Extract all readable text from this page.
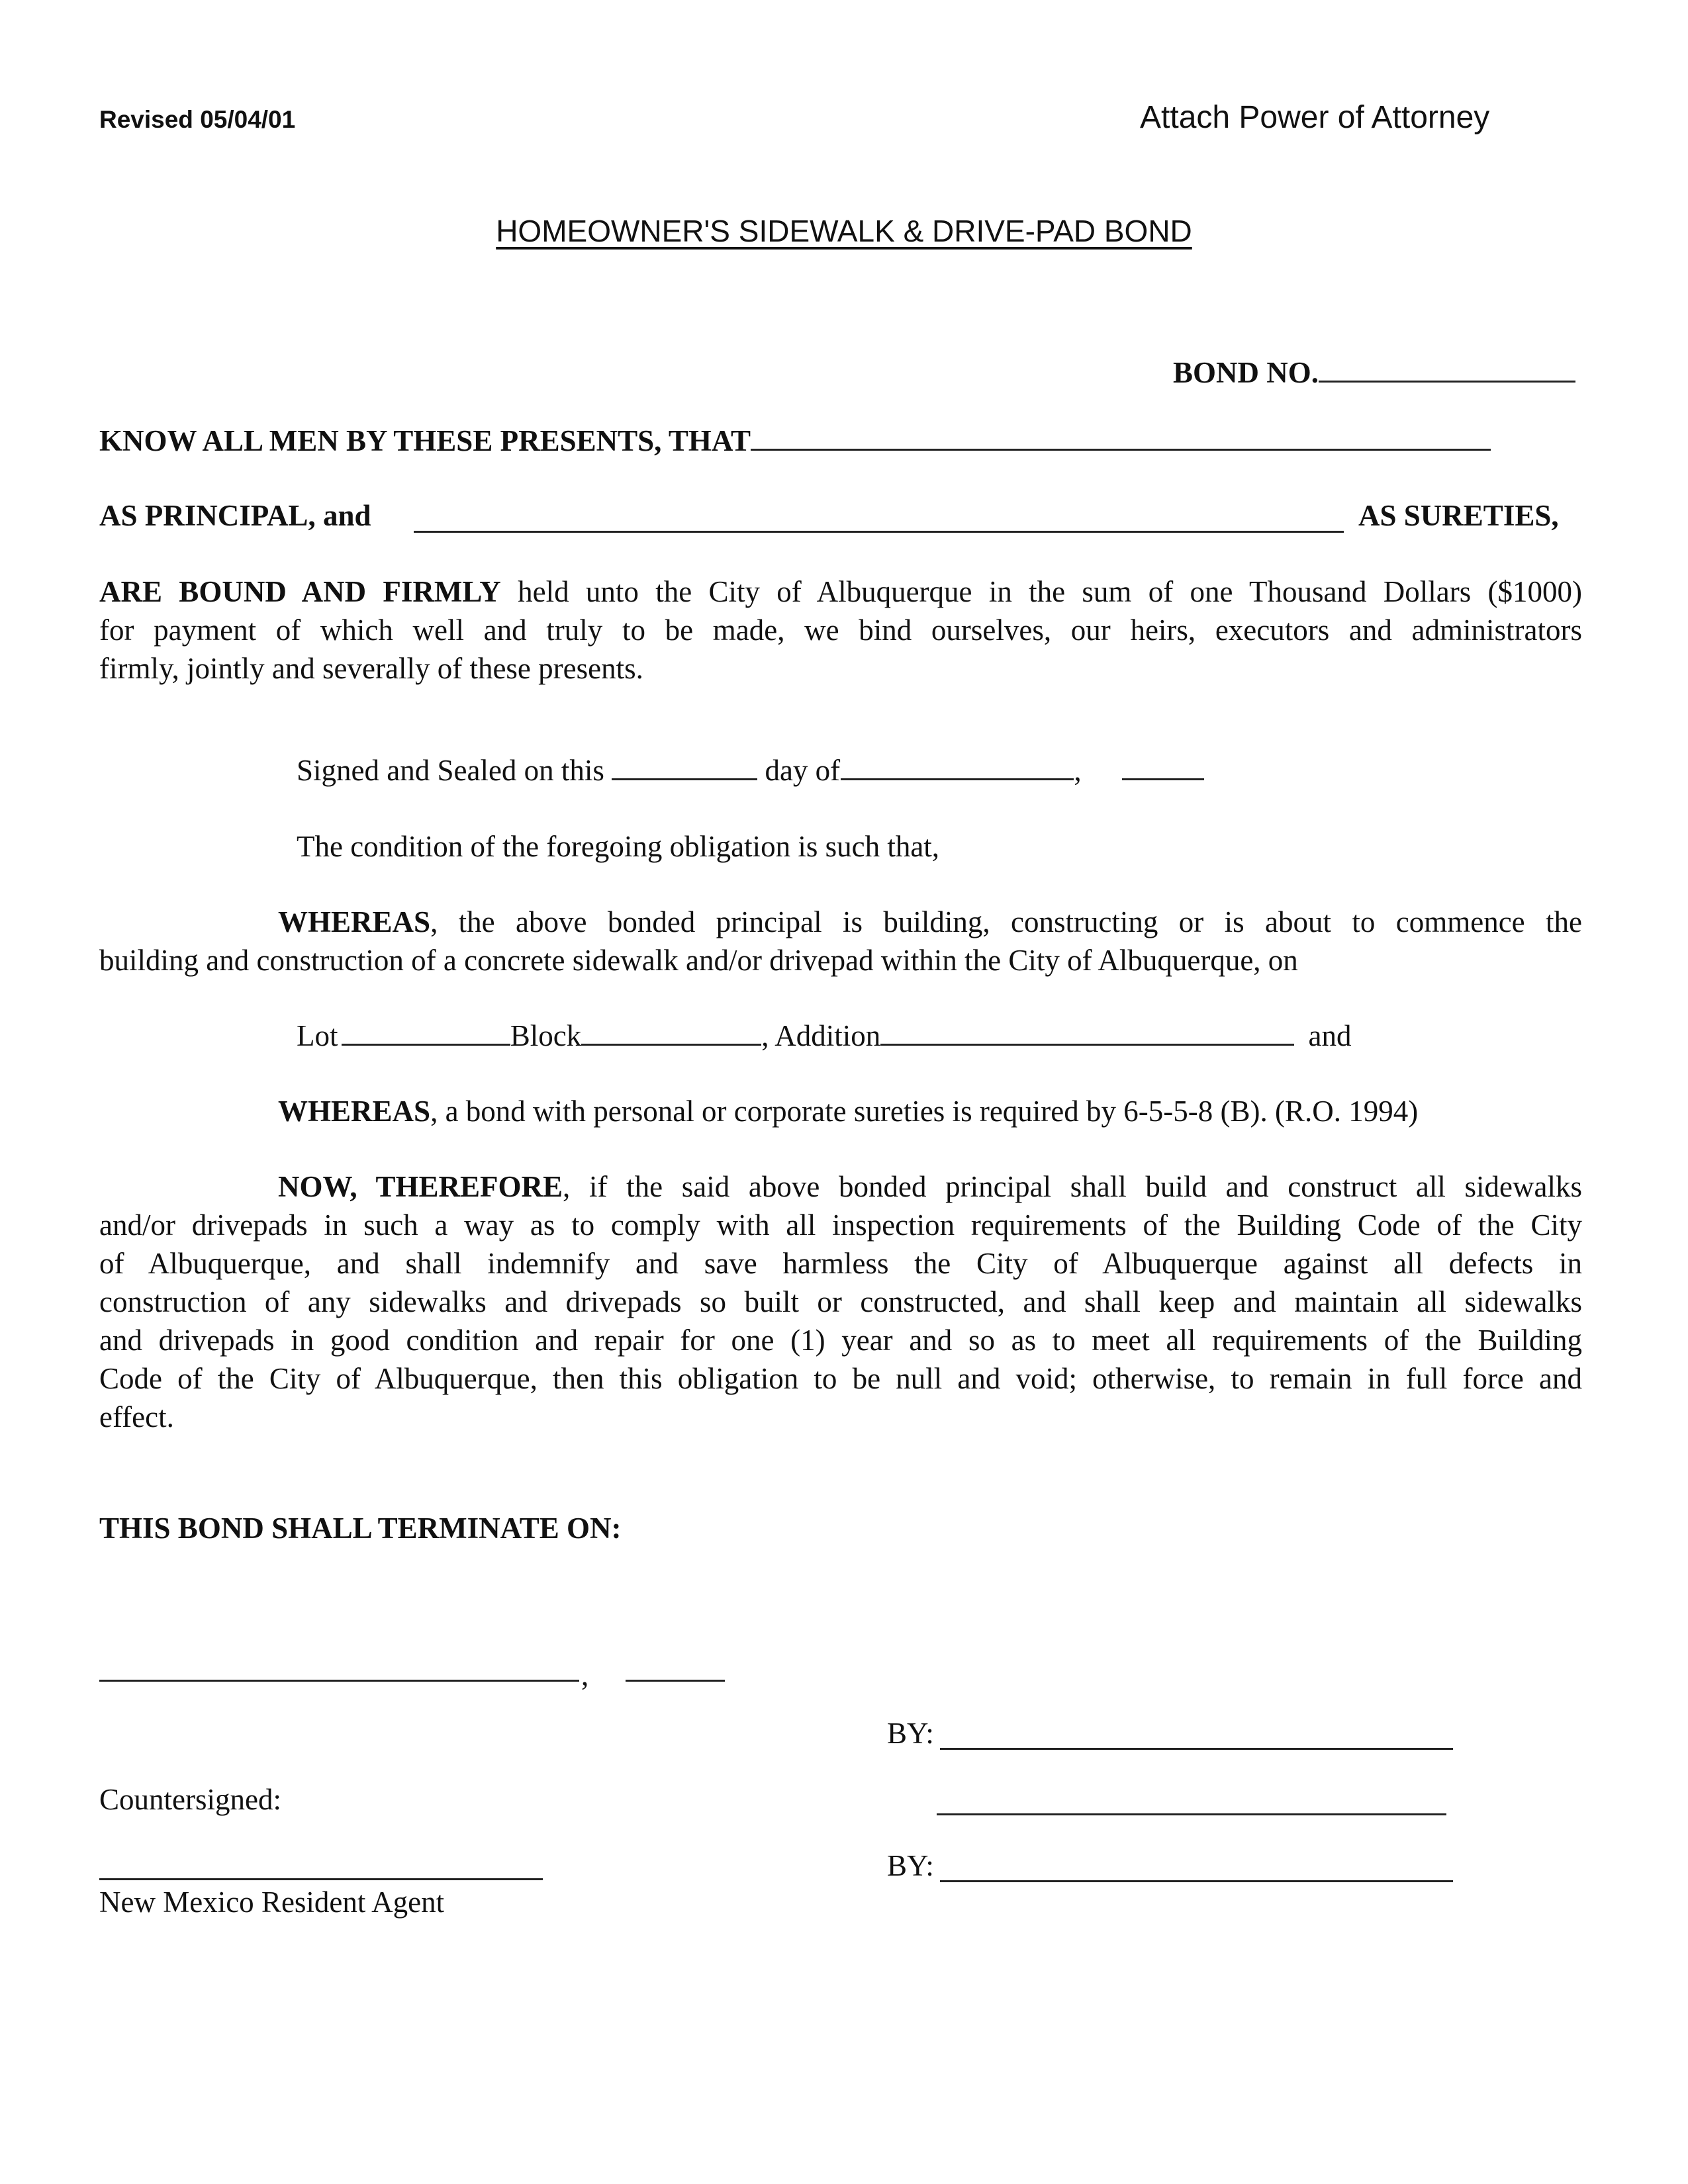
Revised 05/04/01	Attach Power of Attorney
HOMEOWNER'S SIDEWALK & DRIVE-PAD BOND
BOND NO.
KNOW ALL MEN BY THESE PRESENTS, THAT
AS PRINCIPAL, and	AS SURETIES,
ARE BOUND AND FIRMLY held unto the City of Albuquerque in the sum of one Thousand Dollars ($1000)
for payment of which well and truly to be made, we bind ourselves, our heirs, executors and administrators
firmly, jointly and severally of these presents.
Signed and Sealed on this	day of	,
The condition of the foregoing obligation is such that,
WHEREAS, the above bonded principal is building, constructing or is about to commence the
building and construction of a concrete sidewalk and/or drivepad within the City of Albuquerque, on
Lot	Block	, Addition	and
WHEREAS, a bond with personal or corporate sureties is required by 6-5-5-8 (B). (R.O. 1994)
NOW, THEREFORE, if the said above bonded principal shall build and construct all sidewalks
and/or drivepads in such a way as to comply with all inspection requirements of the Building Code of the City
of Albuquerque, and shall indemnify and save harmless the City of Albuquerque against all defects in
construction of any sidewalks and drivepads so built or constructed, and shall keep and maintain all sidewalks
and drivepads in good condition and repair for one (1) year and so as to meet all requirements of the Building
Code of the City of Albuquerque, then this obligation to be null and void; otherwise, to remain in full force and
effect.
THIS BOND SHALL TERMINATE ON:
,
BY:
Countersigned:
BY:
New Mexico Resident Agent
